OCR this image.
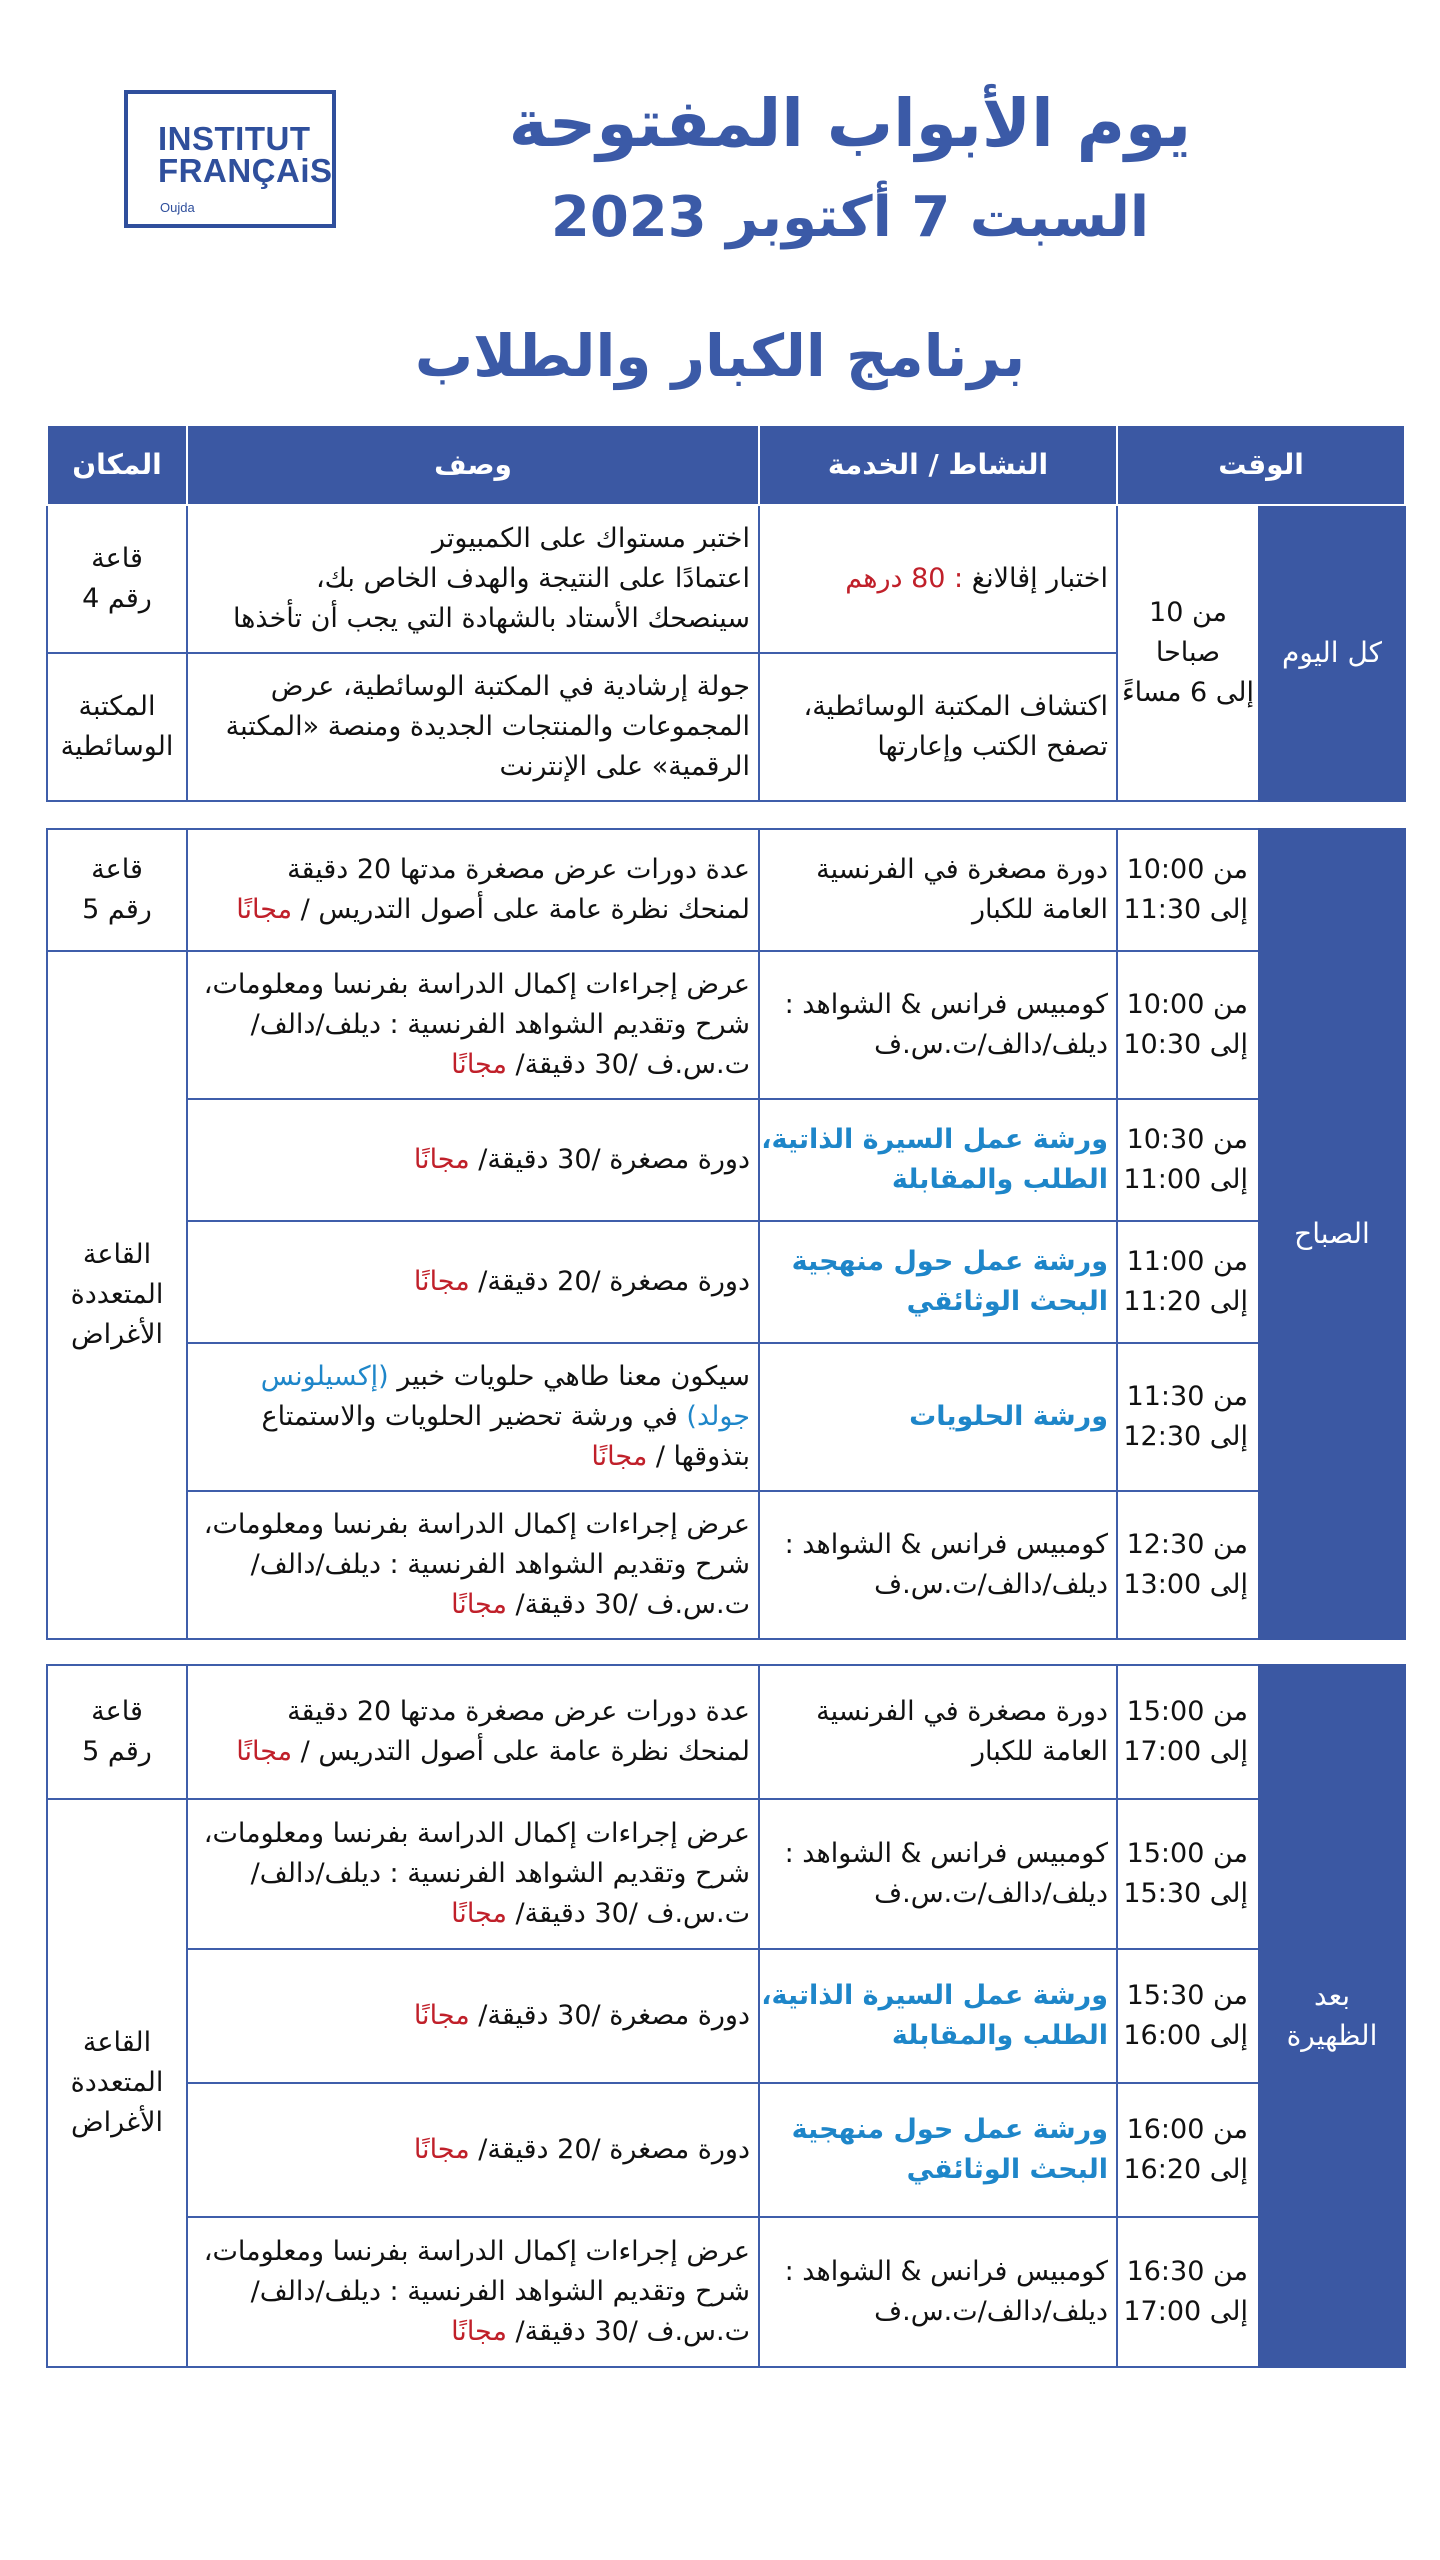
INSTITUT
FRANÇAiS
Oujda
يوم الأبواب المفتوحة
السبت 7 أكتوبر 2023
برنامج الكبار والطلاب
الوقت		النشاط / الخدمة	وصف	المكان
كل اليوم	من 10
صباحا
إلى 6 مساءً	اختبار إڤالانغ : 80 درهم	اختبر مستواك على الكمبيوتر
اعتمادًا على النتيجة والهدف الخاص بك،
سينصحك الأستاد بالشهادة التي يجب أن تأخذها	قاعة
رقم 4
		اكتشاف المكتبة الوسائطية،
تصفح الكتب وإعارتها	جولة إرشادية في المكتبة الوسائطية، عرض
المجموعات والمنتجات الجديدة ومنصة «المكتبة
الرقمية» على الإنترنت	المكتبة
الوسائطية
الصباح	من 10:00
إلى 11:30	دورة مصغرة في الفرنسية
العامة للكبار	عدة دورات عرض مصغرة مدتها 20 دقيقة
لمنحك نظرة عامة على أصول التدريس / مجانًا	قاعة
رقم 5
	من 10:00
إلى 10:30	كومبيس فرانس & الشواهد :
ديلف/دالف/ت.س.ف	عرض إجراءات إكمال الدراسة بفرنسا ومعلومات،
شرح وتقديم الشواهد الفرنسية : ديلف/دالف/
ت.س.ف /30 دقيقة/ مجانًا	القاعة
المتعددة
الأغراض
	من 10:30
إلى 11:00	ورشة عمل السيرة الذاتية،
الطلب والمقابلة	دورة مصغرة /30 دقيقة/ مجانًا	
	من 11:00
إلى 11:20	ورشة عمل حول منهجية
البحث الوثائقي	دورة مصغرة /20 دقيقة/ مجانًا	
	من 11:30
إلى 12:30	ورشة الحلويات	سيكون معنا طاهي حلويات خبير (إكسيلونس
جولد) في ورشة تحضير الحلويات والاستمتاع
بتذوقها / مجانًا	
	من 12:30
إلى 13:00	كومبيس فرانس & الشواهد :
ديلف/دالف/ت.س.ف	عرض إجراءات إكمال الدراسة بفرنسا ومعلومات،
شرح وتقديم الشواهد الفرنسية : ديلف/دالف/
ت.س.ف /30 دقيقة/ مجانًا	
بعد
الظهيرة	من 15:00
إلى 17:00	دورة مصغرة في الفرنسية
العامة للكبار	عدة دورات عرض مصغرة مدتها 20 دقيقة
لمنحك نظرة عامة على أصول التدريس / مجانًا	قاعة
رقم 5
	من 15:00
إلى 15:30	كومبيس فرانس & الشواهد :
ديلف/دالف/ت.س.ف	عرض إجراءات إكمال الدراسة بفرنسا ومعلومات،
شرح وتقديم الشواهد الفرنسية : ديلف/دالف/
ت.س.ف /30 دقيقة/ مجانًا	القاعة
المتعددة
الأغراض
	من 15:30
إلى 16:00	ورشة عمل السيرة الذاتية،
الطلب والمقابلة	دورة مصغرة /30 دقيقة/ مجانًا	
	من 16:00
إلى 16:20	ورشة عمل حول منهجية
البحث الوثائقي	دورة مصغرة /20 دقيقة/ مجانًا	
	من 16:30
إلى 17:00	كومبيس فرانس & الشواهد :
ديلف/دالف/ت.س.ف	عرض إجراءات إكمال الدراسة بفرنسا ومعلومات،
شرح وتقديم الشواهد الفرنسية : ديلف/دالف/
ت.س.ف /30 دقيقة/ مجانًا	
